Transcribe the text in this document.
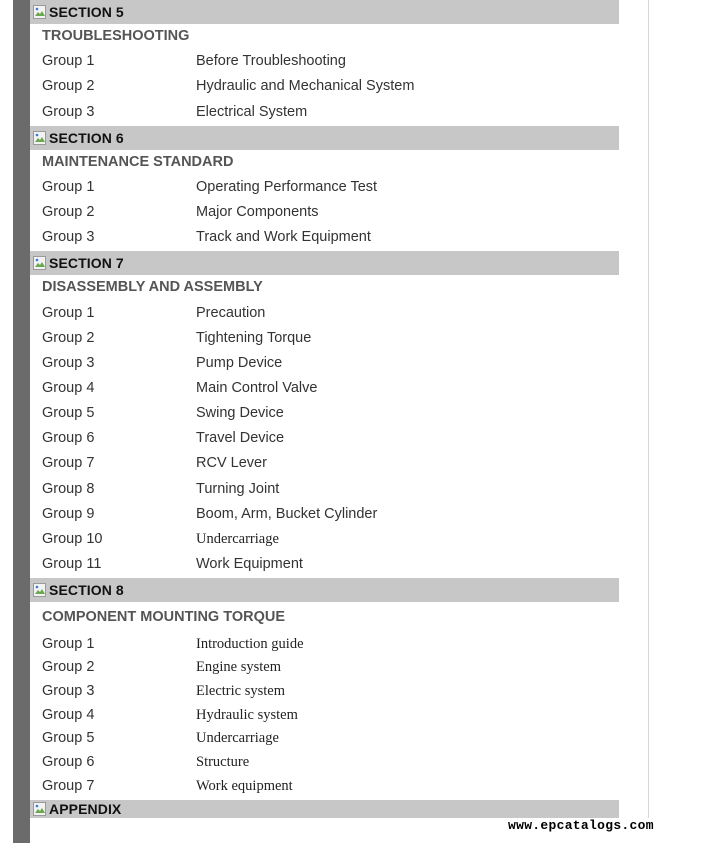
SECTION 5
TROUBLESHOOTING
Group 1	Before Troubleshooting
Group 2	Hydraulic and Mechanical System
Group 3	Electrical System
SECTION 6
MAINTENANCE STANDARD
Group 1	Operating Performance Test
Group 2	Major Components
Group 3	Track and Work Equipment
SECTION 7
DISASSEMBLY AND ASSEMBLY
Group 1	Precaution
Group 2	Tightening Torque
Group 3	Pump Device
Group 4	Main Control Valve
Group 5	Swing Device
Group 6	Travel Device
Group 7	RCV Lever
Group 8	Turning Joint
Group 9	Boom, Arm, Bucket Cylinder
Group 10	Undercarriage
Group 11	Work Equipment
SECTION 8
COMPONENT MOUNTING TORQUE
Group 1	Introduction guide
Group 2	Engine system
Group 3	Electric system
Group 4	Hydraulic system
Group 5	Undercarriage
Group 6	Structure
Group 7	Work equipment
APPENDIX
www.epcatalogs.com
